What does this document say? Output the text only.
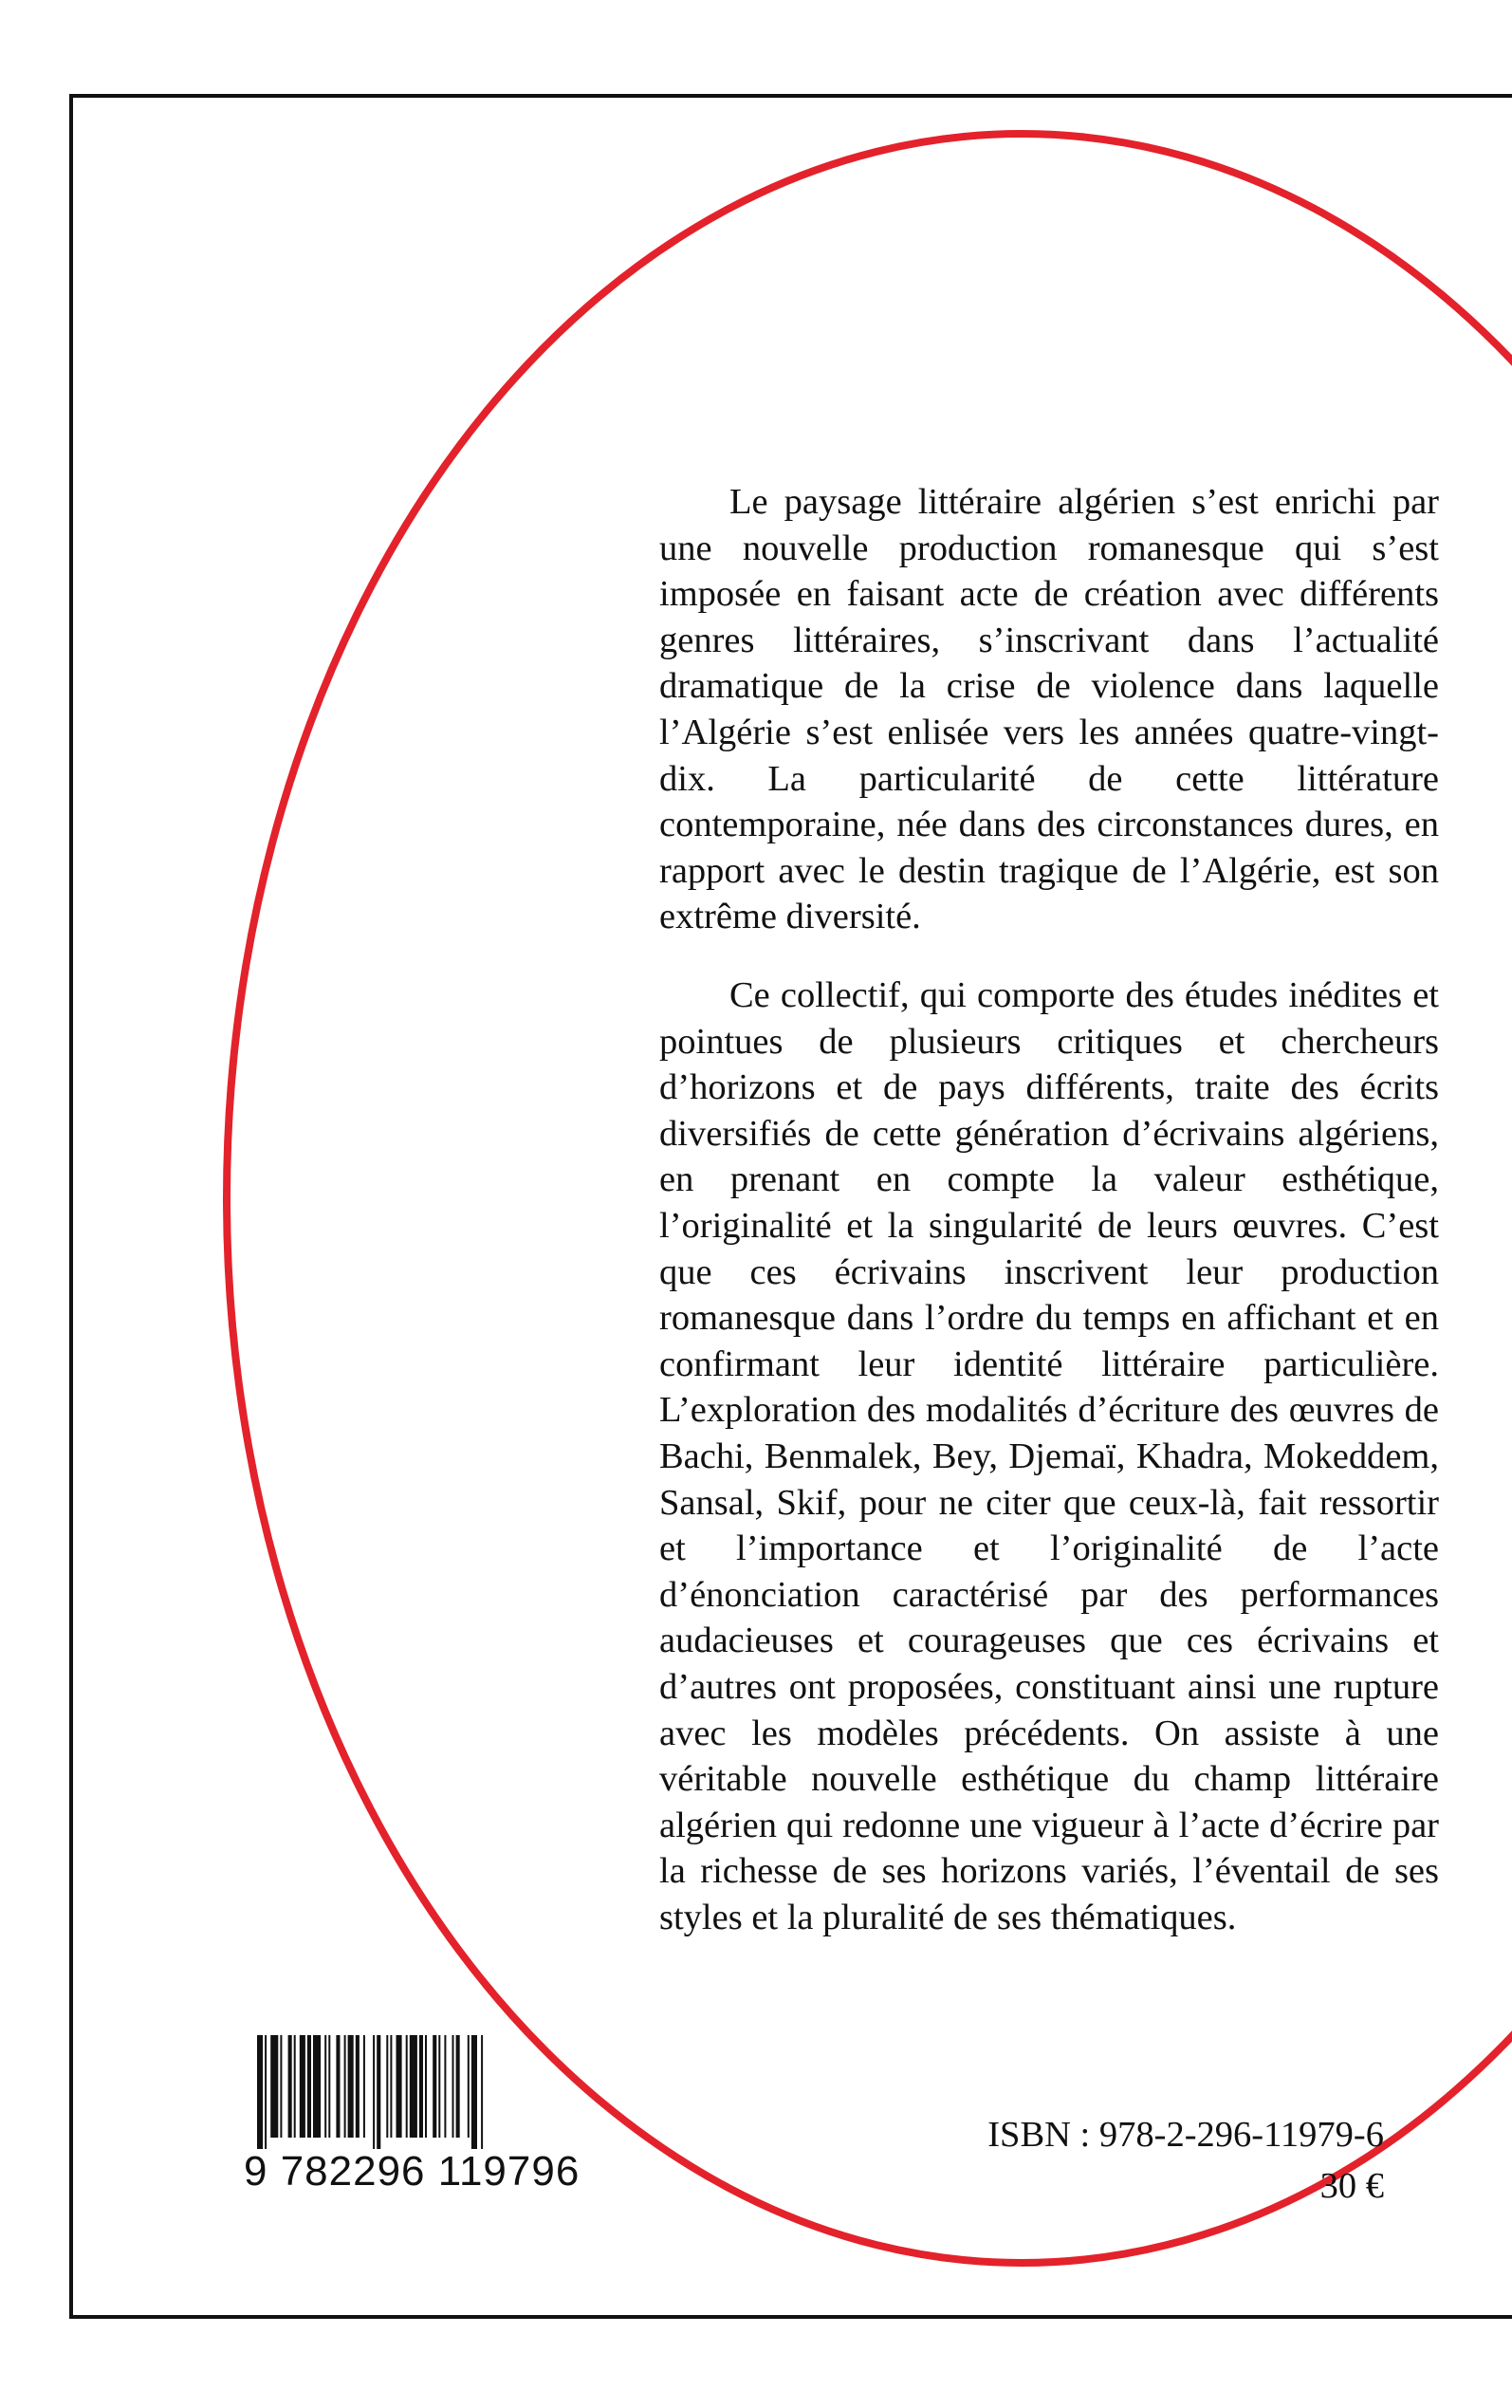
Le paysage littéraire algérien s’est enrichi par une nouvelle production romanesque qui s’est imposée en faisant acte de création avec différents genres littéraires, s’inscrivant dans l’actualité dramatique de la crise de violence dans laquelle l’Algérie s’est enlisée vers les années quatre-vingt-dix. La particularité de cette littérature contemporaine, née dans des circonstances dures, en rapport avec le destin tragique de l’Algérie, est son extrême diversité.

Ce collectif, qui comporte des études inédites et pointues de plusieurs critiques et chercheurs d’horizons et de pays différents, traite des écrits diversifiés de cette génération d’écrivains algériens, en prenant en compte la valeur esthétique, l’originalité et la singularité de leurs œuvres. C’est que ces écrivains inscrivent leur production romanesque dans l’ordre du temps en affichant et en confirmant leur identité littéraire particulière. L’exploration des modalités d’écriture des œuvres de Bachi, Benmalek, Bey, Djemaï, Khadra, Mokeddem, Sansal, Skif, pour ne citer que ceux-là, fait ressortir et l’importance et l’originalité de l’acte d’énonciation caractérisé par des performances audacieuses et courageuses que ces écrivains et d’autres ont proposées, constituant ainsi une rupture avec les modèles précédents. On assiste à une véritable nouvelle esthétique du champ littéraire algérien qui redonne une vigueur à l’acte d’écrire par la richesse de ses horizons variés, l’éventail de ses styles et la pluralité de ses thématiques.

9 782296 119796
ISBN : 978-2-296-11979-6
30 €
